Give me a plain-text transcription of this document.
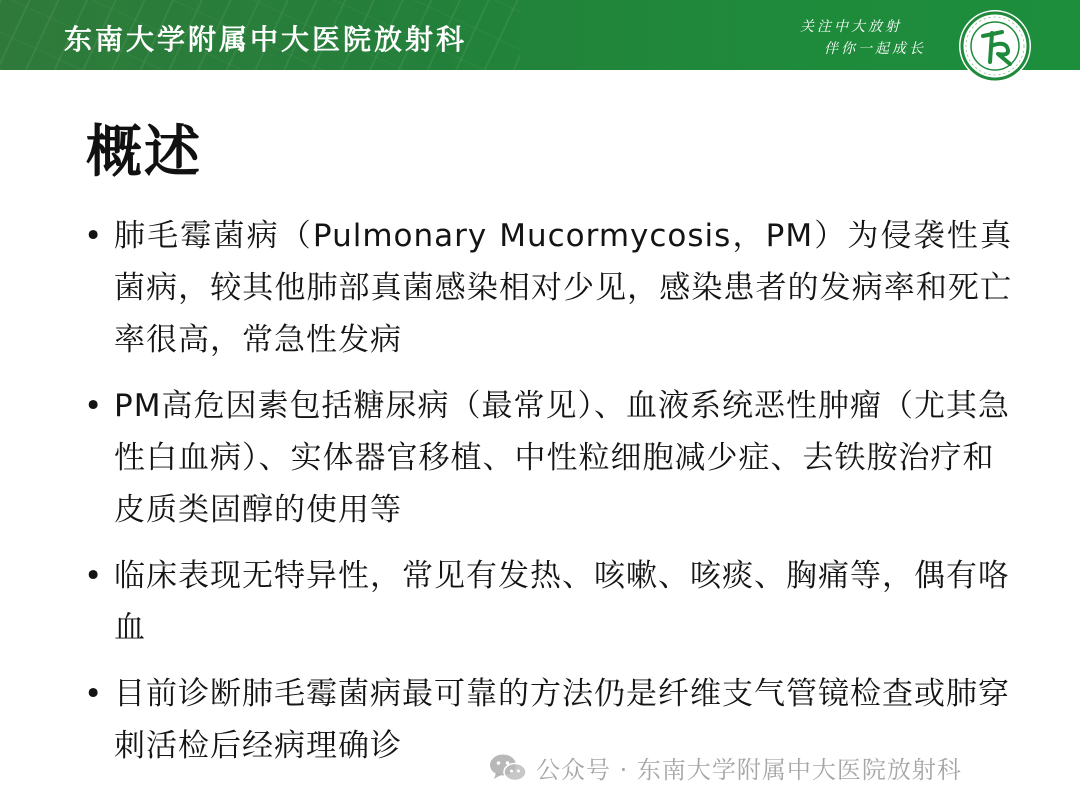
东南大学附属中大医院放射科	关注中大放射
伴你一起成长
概述
• 肺毛霉菌病（Pulmonary Mucormycosis，PM）为侵袭性真菌病，较其他肺部真菌感染相对少见，感染患者的发病率和死亡率很高，常急性发病
• PM高危因素包括糖尿病（最常见）、血液系统恶性肿瘤（尤其急性白血病）、实体器官移植、中性粒细胞减少症、去铁胺治疗和皮质类固醇的使用等
• 临床表现无特异性，常见有发热、咳嗽、咳痰、胸痛等，偶有咯血
• 目前诊断肺毛霉菌病最可靠的方法仍是纤维支气管镜检查或肺穿刺活检后经病理确诊
公众号 · 东南大学附属中大医院放射科
